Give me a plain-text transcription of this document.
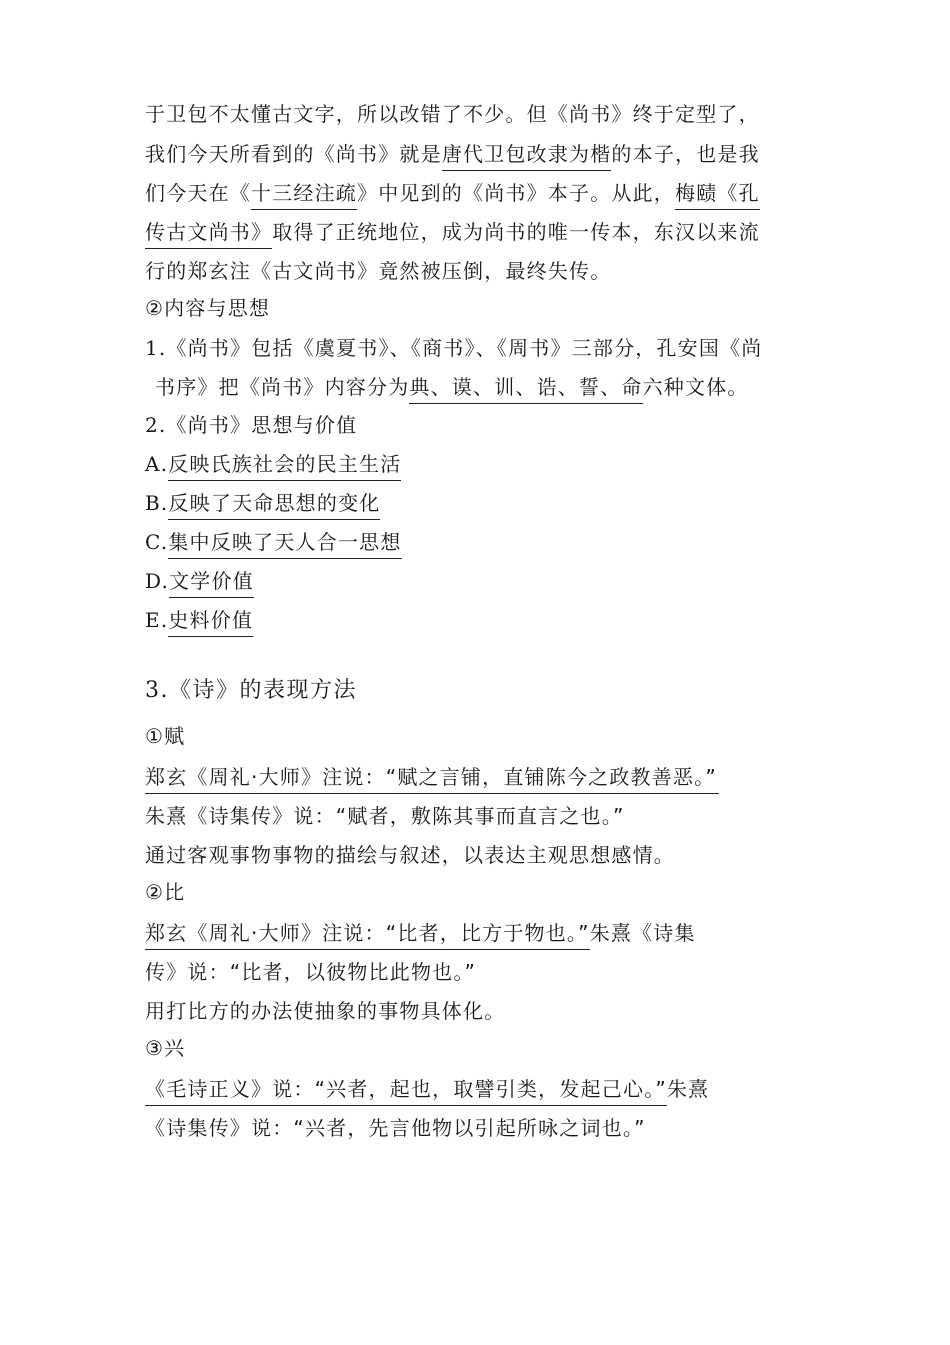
于卫包不太懂古文字，所以改错了不少。但《尚书》终于定型了，

我们今天所看到的《尚书》就是唐代卫包改隶为楷的本子，也是我

们今天在《十三经注疏》中见到的《尚书》本子。从此，梅赜《孔

传古文尚书》取得了正统地位，成为尚书的唯一传本，东汉以来流

行的郑玄注《古文尚书》竟然被压倒，最终失传。

②内容与思想

1.《尚书》包括《虞夏书》、《商书》、《周书》三部分，孔安国《尚

书序》把《尚书》内容分为典、谟、训、诰、誓、命六种文体。

2.《尚书》思想与价值

A.反映氏族社会的民主生活

B.反映了天命思想的变化

C.集中反映了天人合一思想

D.文学价值

E.史料价值

3.《诗》的表现方法

①赋

郑玄《周礼·大师》注说：“赋之言铺，直铺陈今之政教善恶。”

朱熹《诗集传》说：“赋者，敷陈其事而直言之也。”

通过客观事物事物的描绘与叙述，以表达主观思想感情。

②比

郑玄《周礼·大师》注说：“比者，比方于物也。”朱熹《诗集

传》说：“比者，以彼物比此物也。”

用打比方的办法使抽象的事物具体化。

③兴

《毛诗正义》说：“兴者，起也，取譬引类，发起己心。”朱熹

《诗集传》说：“兴者，先言他物以引起所咏之词也。”
